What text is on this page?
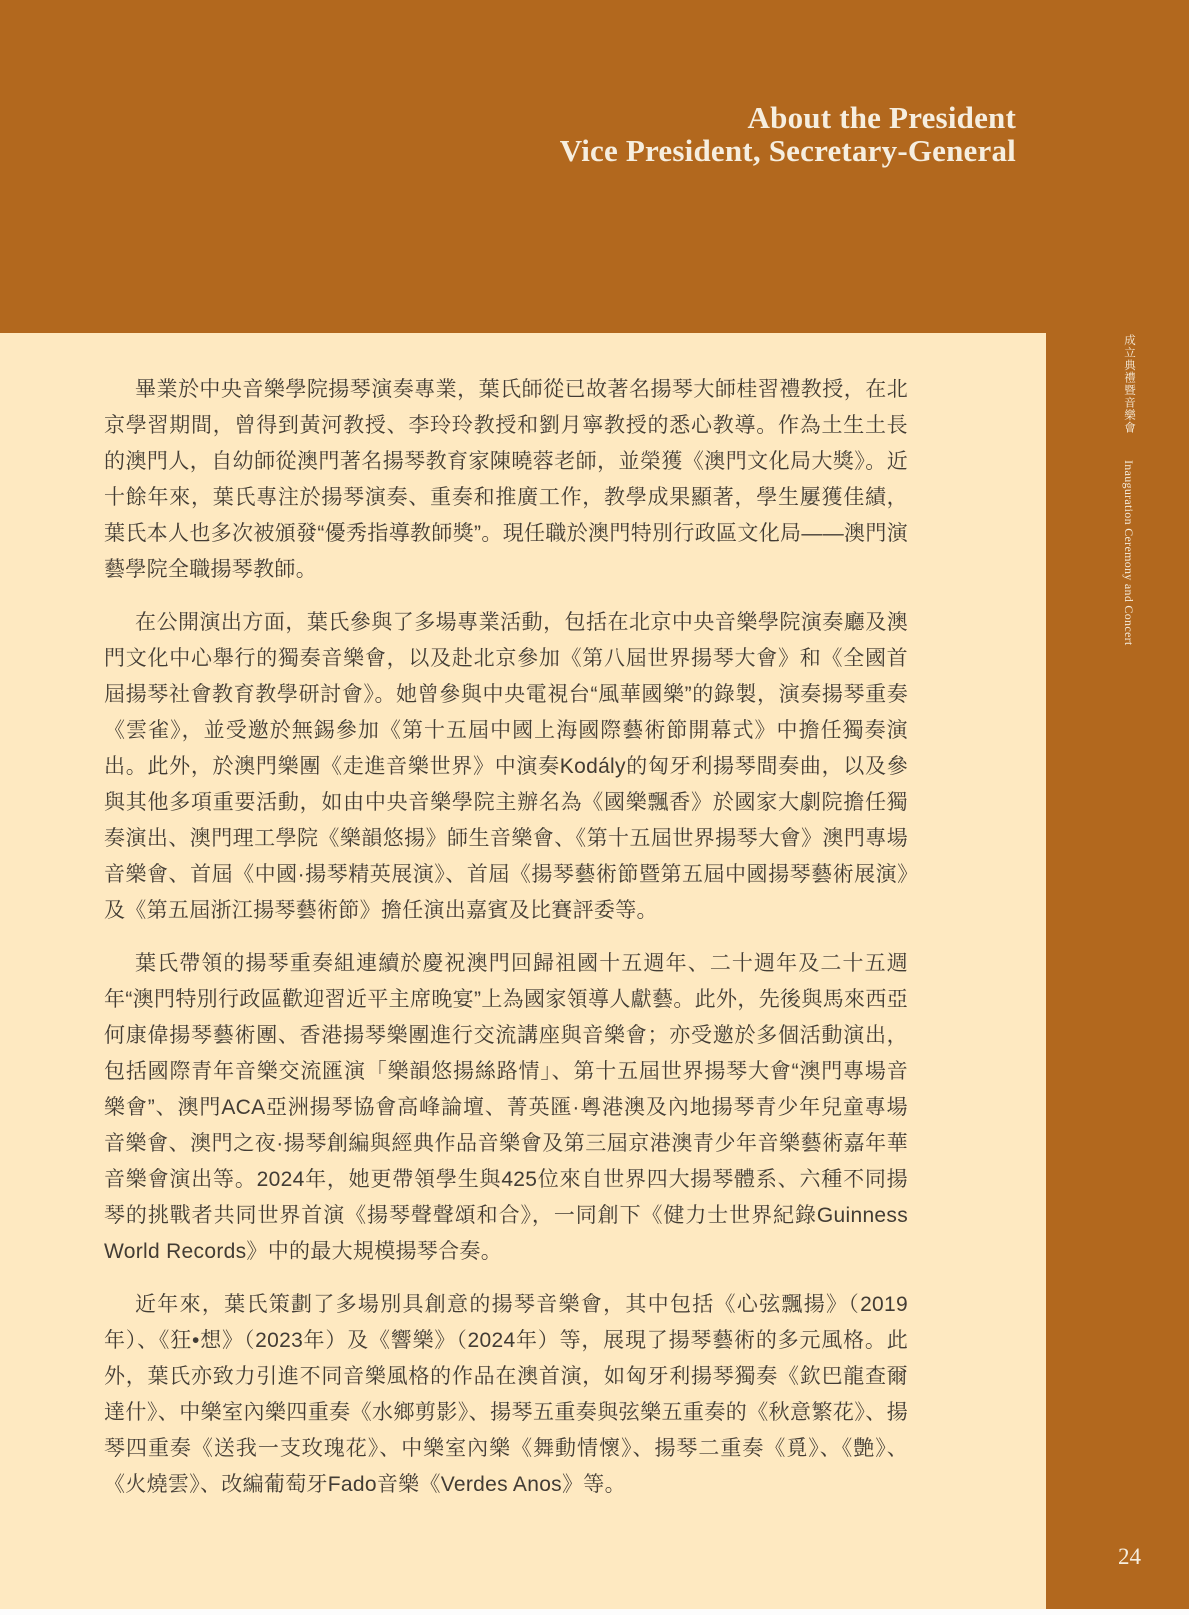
About the President
Vice President, Secretary-General

畢業於中央音樂學院揚琴演奏專業，葉氏師從已故著名揚琴大師桂習禮教授，在北京學習期間，曾得到黃河教授、李玲玲教授和劉月寧教授的悉心教導。作為土生土長的澳門人，自幼師從澳門著名揚琴教育家陳曉蓉老師，並榮獲《澳門文化局大獎》。近十餘年來，葉氏專注於揚琴演奏、重奏和推廣工作，教學成果顯著，學生屢獲佳績，葉氏本人也多次被頒發“優秀指導教師獎”。現任職於澳門特別行政區文化局——澳門演藝學院全職揚琴教師。

在公開演出方面，葉氏參與了多場專業活動，包括在北京中央音樂學院演奏廳及澳門文化中心舉行的獨奏音樂會，以及赴北京參加《第八屆世界揚琴大會》和《全國首屆揚琴社會教育教學研討會》。她曾參與中央電視台“風華國樂”的錄製，演奏揚琴重奏《雲雀》，並受邀於無錫參加《第十五屆中國上海國際藝術節開幕式》中擔任獨奏演出。此外，於澳門樂團《走進音樂世界》中演奏Kodály的匈牙利揚琴間奏曲，以及參與其他多項重要活動，如由中央音樂學院主辦名為《國樂飄香》於國家大劇院擔任獨奏演出、澳門理工學院《樂韻悠揚》師生音樂會、《第十五屆世界揚琴大會》澳門專場音樂會、首屆《中國·揚琴精英展演》、首屆《揚琴藝術節暨第五屆中國揚琴藝術展演》及《第五屆浙江揚琴藝術節》擔任演出嘉賓及比賽評委等。

葉氏帶領的揚琴重奏組連續於慶祝澳門回歸祖國十五週年、二十週年及二十五週年“澳門特別行政區歡迎習近平主席晚宴”上為國家領導人獻藝。此外，先後與馬來西亞何康偉揚琴藝術團、香港揚琴樂團進行交流講座與音樂會；亦受邀於多個活動演出，包括國際青年音樂交流匯演「樂韻悠揚絲路情」、第十五屆世界揚琴大會“澳門專場音樂會”、澳門ACA亞洲揚琴協會高峰論壇、菁英匯·粵港澳及內地揚琴青少年兒童專場音樂會、澳門之夜·揚琴創編與經典作品音樂會及第三屆京港澳青少年音樂藝術嘉年華音樂會演出等。2024年，她更帶領學生與425位來自世界四大揚琴體系、六種不同揚琴的挑戰者共同世界首演《揚琴聲聲頌和合》，一同創下《健力士世界紀錄Guinness World Records》中的最大規模揚琴合奏。

近年來，葉氏策劃了多場別具創意的揚琴音樂會，其中包括《心弦飄揚》（2019年）、《狂•想》（2023年）及《響樂》（2024年）等，展現了揚琴藝術的多元風格。此外，葉氏亦致力引進不同音樂風格的作品在澳首演，如匈牙利揚琴獨奏《欽巴龍查爾達什》、中樂室內樂四重奏《水鄉剪影》、揚琴五重奏與弦樂五重奏的《秋意繁花》、揚琴四重奏《送我一支玫瑰花》、中樂室內樂《舞動情懷》、揚琴二重奏《覓》、《艶》、《火燒雲》、改編葡萄牙Fado音樂《Verdes Anos》等。

成立典禮暨音樂會 Inauguration Ceremony and Concert
24
